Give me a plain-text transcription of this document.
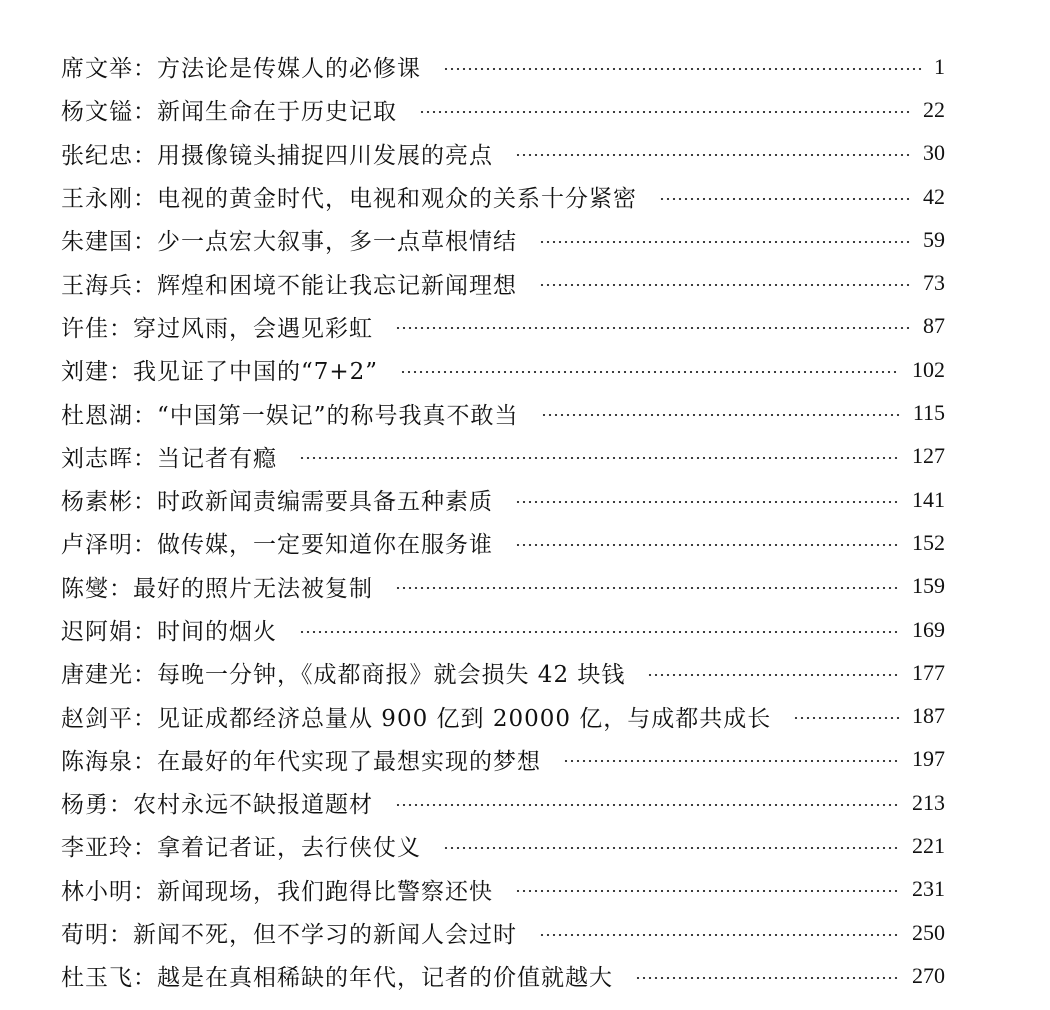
席文举：方法论是传媒人的必修课	1
杨文镒：新闻生命在于历史记取	22
张纪忠：用摄像镜头捕捉四川发展的亮点	30
王永刚：电视的黄金时代，电视和观众的关系十分紧密	42
朱建国：少一点宏大叙事，多一点草根情结	59
王海兵：辉煌和困境不能让我忘记新闻理想	73
许佳：穿过风雨，会遇见彩虹	87
刘建：我见证了中国的“7+2”	102
杜恩湖：“中国第一娱记”的称号我真不敢当	115
刘志晖：当记者有瘾	127
杨素彬：时政新闻责编需要具备五种素质	141
卢泽明：做传媒，一定要知道你在服务谁	152
陈燮：最好的照片无法被复制	159
迟阿娟：时间的烟火	169
唐建光：每晚一分钟，《成都商报》就会损失 42 块钱	177
赵剑平：见证成都经济总量从 900 亿到 20000 亿，与成都共成长	187
陈海泉：在最好的年代实现了最想实现的梦想	197
杨勇：农村永远不缺报道题材	213
李亚玲：拿着记者证，去行侠仗义	221
林小明：新闻现场，我们跑得比警察还快	231
荀明：新闻不死，但不学习的新闻人会过时	250
杜玉飞：越是在真相稀缺的年代，记者的价值就越大	270
